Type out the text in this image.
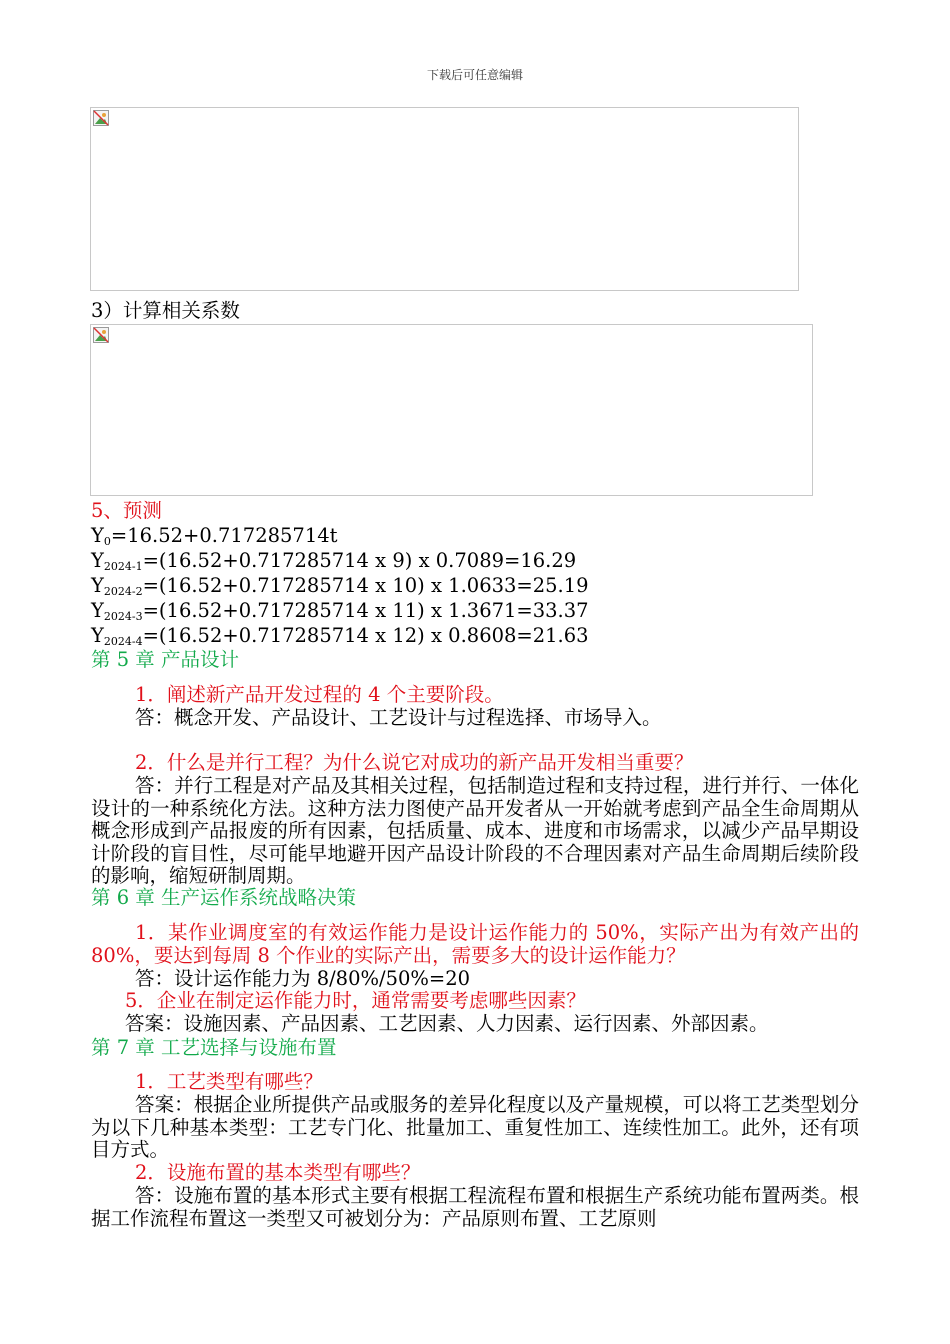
下载后可任意编辑
3）计算相关系数
5、预测
$Y_0=16.52+0.717285714t$
$Y_{2024-1}=(16.52+0.717285714$ x 9) x 0.7089=16.29
$Y_{2024-2}=(16.52+0.717285714$ x 10) x 1.0633=25.19
$Y_{2024-3}=(16.52+0.717285714$ x 11) x 1.3671=33.37
$Y_{2024-4}=(16.52+0.717285714$ x 12) x 0.8608=21.63
第 5 章 产品设计
1．阐述新产品开发过程的 4 个主要阶段。
答：概念开发、产品设计、工艺设计与过程选择、市场导入。
2．什么是并行工程？为什么说它对成功的新产品开发相当重要？
答：并行工程是对产品及其相关过程，包括制造过程和支持过程，进行并行、一体化设计的一种系统化方法。这种方法力图使产品开发者从一开始就考虑到产品全生命周期从概念形成到产品报废的所有因素，包括质量、成本、进度和市场需求，以减少产品早期设计阶段的盲目性，尽可能早地避开因产品设计阶段的不合理因素对产品生命周期后续阶段的影响，缩短研制周期。
第 6 章 生产运作系统战略决策
1．某作业调度室的有效运作能力是设计运作能力的 50%，实际产出为有效产出的 80%，要达到每周 8 个作业的实际产出，需要多大的设计运作能力？
答：设计运作能力为 8/80%/50%=20
5．企业在制定运作能力时，通常需要考虑哪些因素？
答案：设施因素、产品因素、工艺因素、人力因素、运行因素、外部因素。
第 7 章 工艺选择与设施布置
1．工艺类型有哪些？
答案：根据企业所提供产品或服务的差异化程度以及产量规模，可以将工艺类型划分为以下几种基本类型：工艺专门化、批量加工、重复性加工、连续性加工。此外，还有项目方式。
2．设施布置的基本类型有哪些？
答：设施布置的基本形式主要有根据工程流程布置和根据生产系统功能布置两类。根据工作流程布置这一类型又可被划分为：产品原则布置、工艺原则
